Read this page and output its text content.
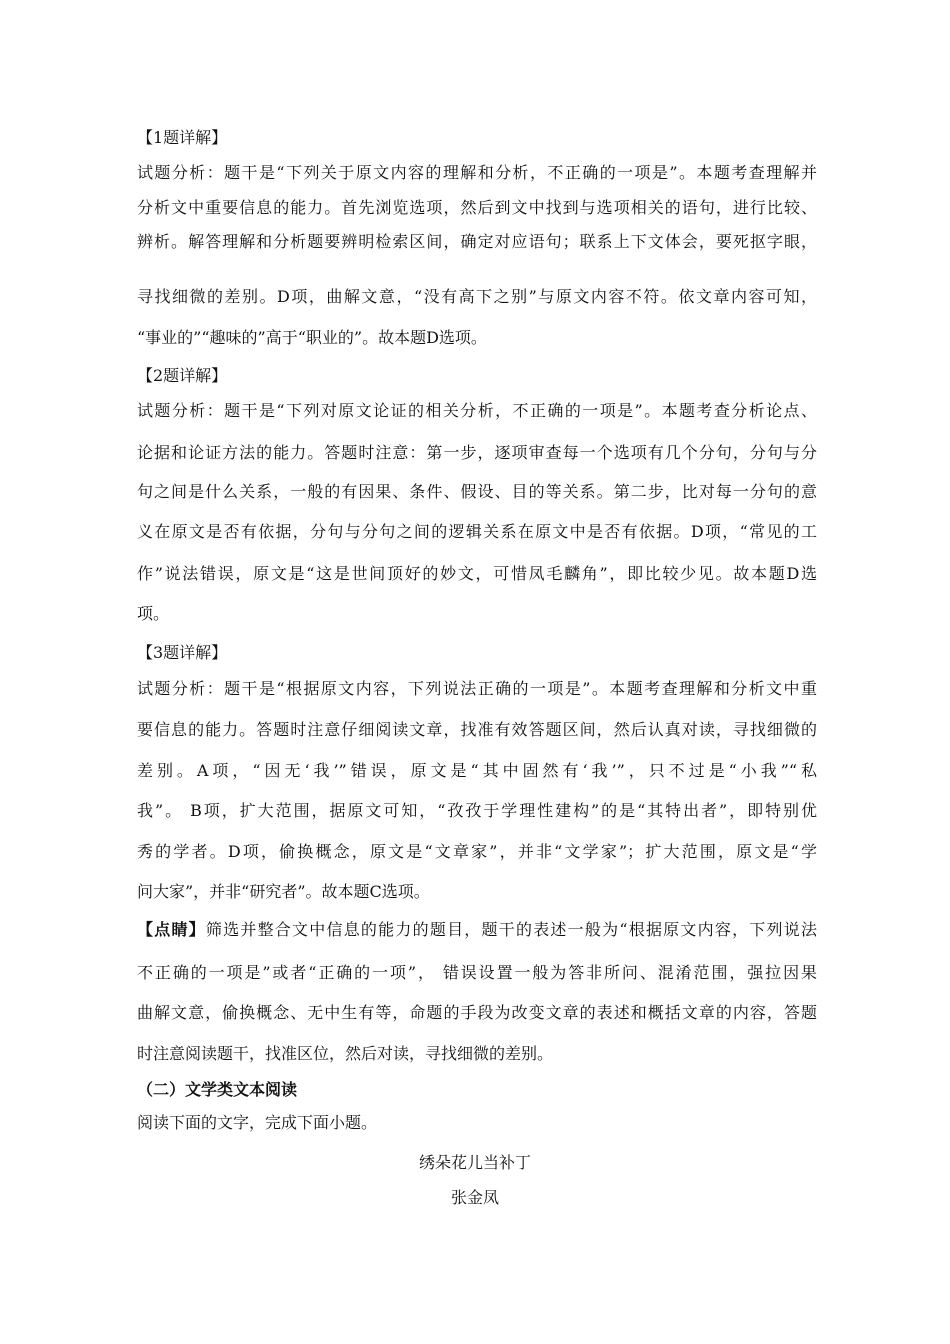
【1题详解】
试题分析：题干是“下列关于原文内容的理解和分析，不正确的一项是”。本题考查理解并
分析文中重要信息的能力。首先浏览选项，然后到文中找到与选项相关的语句，进行比较、
辨析。解答理解和分析题要辨明检索区间，确定对应语句；联系上下文体会，要死抠字眼，
寻找细微的差别。D项，曲解文意，“没有高下之别”与原文内容不符。依文章内容可知，
“事业的”“趣味的”高于“职业的”。故本题D选项。
【2题详解】
试题分析：题干是“下列对原文论证的相关分析，不正确的一项是”。本题考查分析论点、
论据和论证方法的能力。答题时注意：第一步，逐项审查每一个选项有几个分句，分句与分
句之间是什么关系，一般的有因果、条件、假设、目的等关系。第二步，比对每一分句的意
义在原文是否有依据，分句与分句之间的逻辑关系在原文中是否有依据。D项，“常见的工
作”说法错误，原文是“这是世间顶好的妙文，可惜凤毛麟角”，即比较少见。故本题D选
项。
【3题详解】
试题分析：题干是“根据原文内容，下列说法正确的一项是”。本题考查理解和分析文中重
要信息的能力。答题时注意仔细阅读文章，找准有效答题区间，然后认真对读，寻找细微的
差别。A项，“因无‘我’”错误，原文是“其中固然有‘我’”，只不过是“小我”“私
我”。 B项，扩大范围，据原文可知，“孜孜于学理性建构”的是“其特出者”，即特别优
秀的学者。D项，偷换概念，原文是“文章家”，并非“文学家”；扩大范围，原文是“学
问大家”，并非“研究者”。故本题C选项。
【点睛】筛选并整合文中信息的能力的题目，题干的表述一般为“根据原文内容，下列说法
不正确的一项是”或者“正确的一项”， 错误设置一般为答非所问、混淆范围，强拉因果
曲解文意，偷换概念、无中生有等，命题的手段为改变文章的表述和概括文章的内容，答题
时注意阅读题干，找准区位，然后对读，寻找细微的差别。
（二）文学类文本阅读
阅读下面的文字，完成下面小题。
绣朵花儿当补丁
张金凤
